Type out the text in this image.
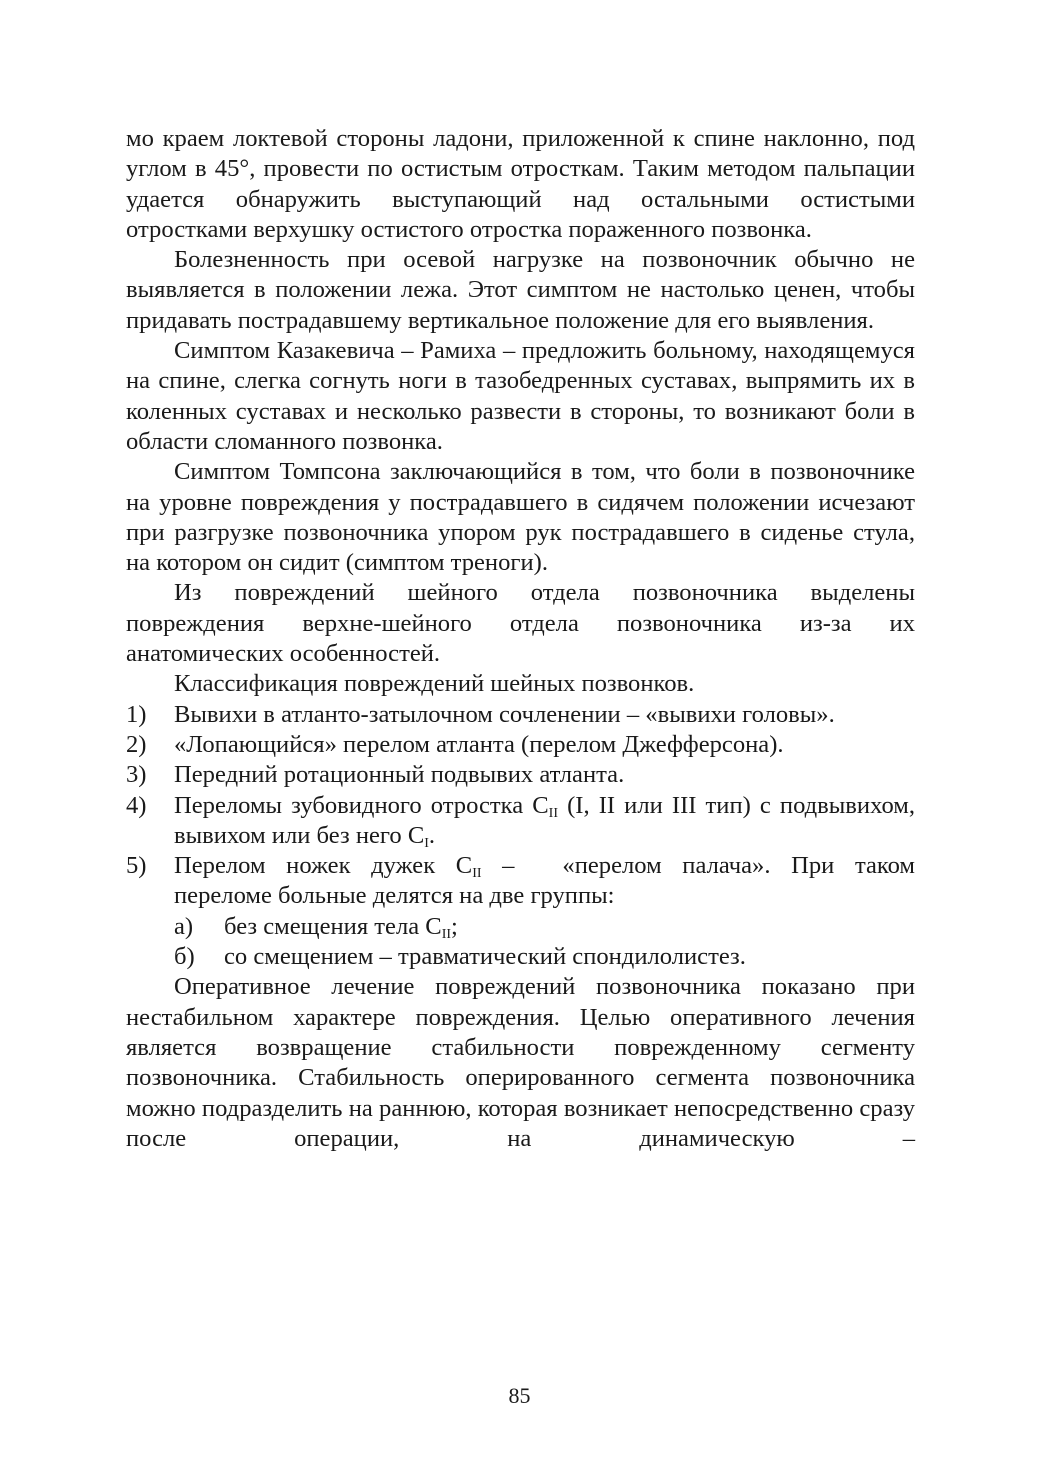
мо краем локтевой стороны ладони, приложенной к спине наклонно, под углом в 45°, провести по остистым отросткам. Таким методом пальпации удается обнаружить выступающий над остальными остистыми отростками верхушку остистого отростка пораженного позвонка.

Болезненность при осевой нагрузке на позвоночник обычно не выявляется в положении лежа. Этот симптом не настолько ценен, чтобы придавать пострадавшему вертикальное положение для его выявления.

Симптом Казакевича – Рамиха – предложить больному, находящемуся на спине, слегка согнуть ноги в тазобедренных суставах, выпрямить их в коленных суставах и несколько развести в стороны, то возникают боли в области сломанного позвонка.

Симптом Томпсона заключающийся в том, что боли в позвоночнике на уровне повреждения у пострадавшего в сидячем положении исчезают при разгрузке позвоночника упором рук пострадавшего в сиденье стула, на котором он сидит (симптом треноги).

Из повреждений шейного отдела позвоночника выделены повреждения верхне-шейного отдела позвоночника из-за их анатомических особенностей.

Классификация повреждений шейных позвонков.

1) Вывихи в атланто-затылочном сочленении – «вывихи головы».
2) «Лопающийся» перелом атланта (перелом Джефферсона).
3) Передний ротационный подвывих атланта.
4) Переломы зубовидного отростка $C_{II}$ (I, II или III тип) с подвывихом, вывихом или без него $C_I$.
5) Перелом ножек дужек $C_{II}$ – «перелом палача». При таком переломе больные делятся на две группы:
а) без смещения тела $C_{II}$;
б) со смещением – травматический спондилолистез.

Оперативное лечение повреждений позвоночника показано при нестабильном характере повреждения. Целью оперативного лечения является возвращение стабильности поврежденному сегменту позвоночника. Стабильность оперированного сегмента позвоночника можно подразделить на раннюю, которая возникает непосредственно сразу после операции, на динамическую –

85
